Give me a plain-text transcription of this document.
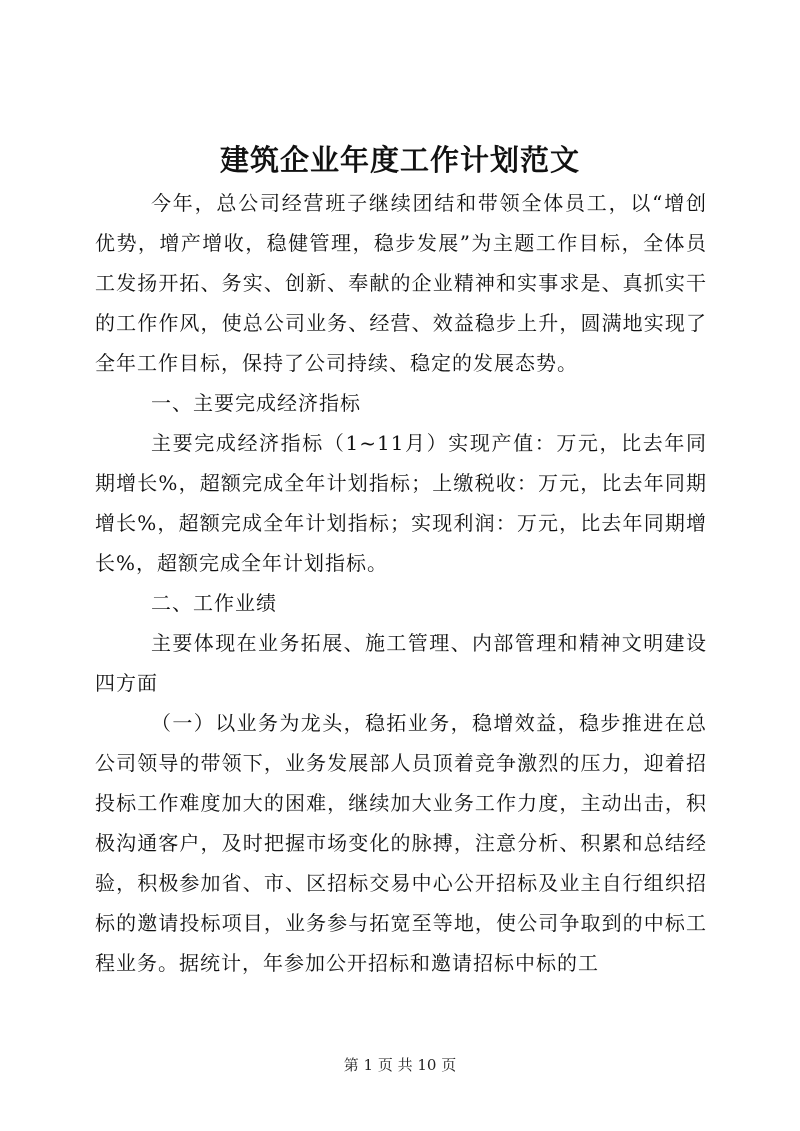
建筑企业年度工作计划范文

今年，总公司经营班子继续团结和带领全体员工，以“增创优势，增产增收，稳健管理，稳步发展”为主题工作目标，全体员工发扬开拓、务实、创新、奉献的企业精神和实事求是、真抓实干的工作作风，使总公司业务、经营、效益稳步上升，圆满地实现了全年工作目标，保持了公司持续、稳定的发展态势。

一、主要完成经济指标

主要完成经济指标（1~11月）实现产值：万元，比去年同期增长%，超额完成全年计划指标；上缴税收：万元，比去年同期增长%，超额完成全年计划指标；实现利润：万元，比去年同期增长%，超额完成全年计划指标。

二、工作业绩

主要体现在业务拓展、施工管理、内部管理和精神文明建设四方面

（一）以业务为龙头，稳拓业务，稳增效益，稳步推进在总公司领导的带领下，业务发展部人员顶着竞争激烈的压力，迎着招投标工作难度加大的困难，继续加大业务工作力度，主动出击，积极沟通客户，及时把握市场变化的脉搏，注意分析、积累和总结经验，积极参加省、市、区招标交易中心公开招标及业主自行组织招标的邀请投标项目，业务参与拓宽至等地，使公司争取到的中标工程业务。据统计，年参加公开招标和邀请招标中标的工

第 1 页 共 10 页
